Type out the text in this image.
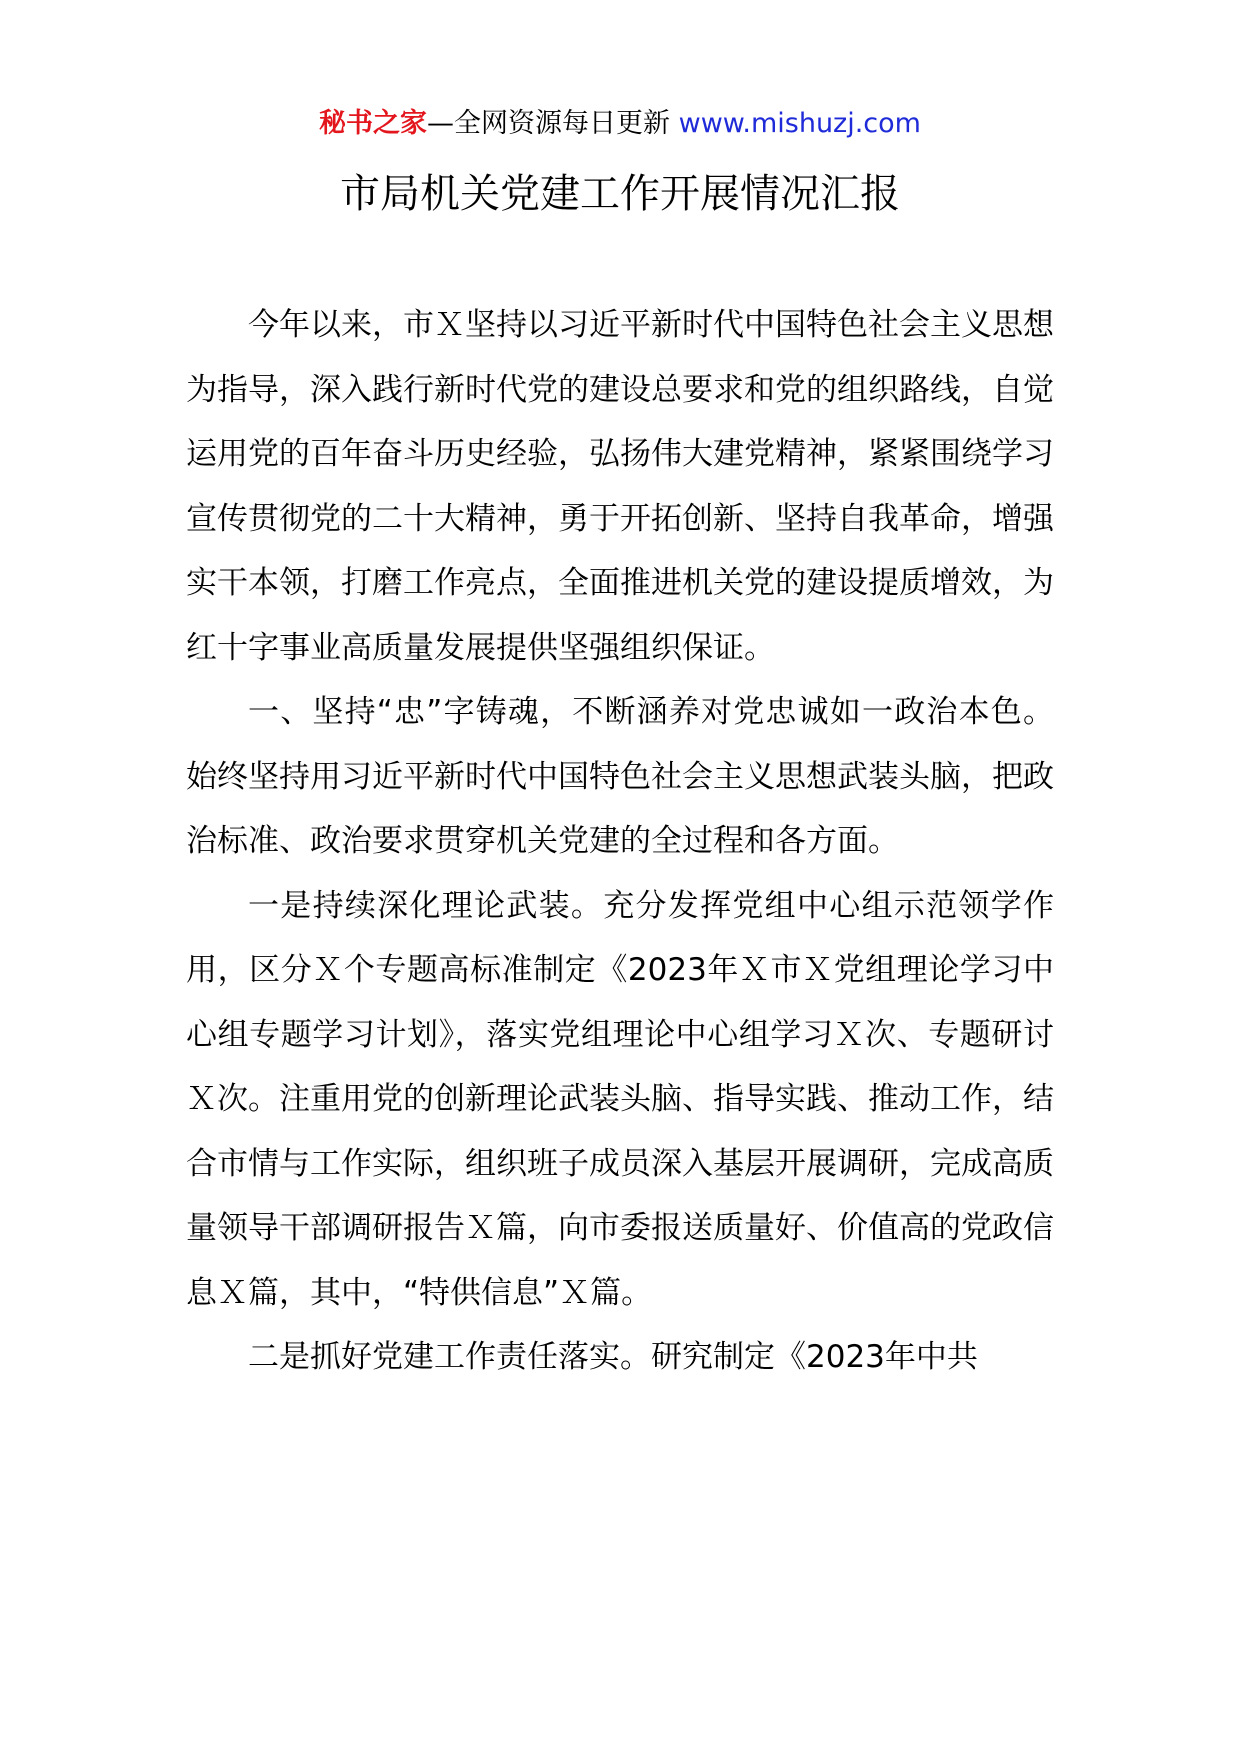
秘书之家—全网资源每日更新 www.mishuzj.com
市局机关党建工作开展情况汇报

今年以来，市Ｘ坚持以习近平新时代中国特色社会主义思想为指导，深入践行新时代党的建设总要求和党的组织路线，自觉运用党的百年奋斗历史经验，弘扬伟大建党精神，紧紧围绕学习宣传贯彻党的二十大精神，勇于开拓创新、坚持自我革命，增强实干本领，打磨工作亮点，全面推进机关党的建设提质增效，为红十字事业高质量发展提供坚强组织保证。

一、坚持“忠”字铸魂，不断涵养对党忠诚如一政治本色。始终坚持用习近平新时代中国特色社会主义思想武装头脑，把政治标准、政治要求贯穿机关党建的全过程和各方面。

一是持续深化理论武装。充分发挥党组中心组示范领学作用，区分Ｘ个专题高标准制定《2023年Ｘ市Ｘ党组理论学习中心组专题学习计划》，落实党组理论中心组学习Ｘ次、专题研讨Ｘ次。注重用党的创新理论武装头脑、指导实践、推动工作，结合市情与工作实际，组织班子成员深入基层开展调研，完成高质量领导干部调研报告Ｘ篇，向市委报送质量好、价值高的党政信息Ｘ篇，其中，“特供信息”Ｘ篇。

二是抓好党建工作责任落实。研究制定《2023年中共
